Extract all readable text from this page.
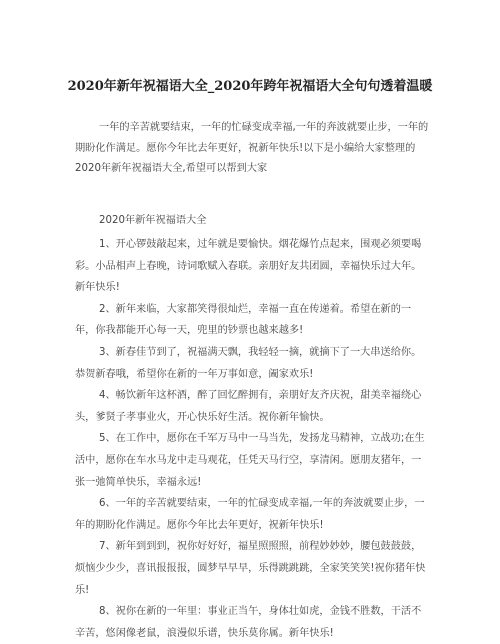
2020年新年祝福语大全_2020年跨年祝福语大全句句透着温暖
一年的辛苦就要结束，一年的忙碌变成幸福,一年的奔波就要止步，一年的期盼化作满足。愿你今年比去年更好，祝新年快乐!以下是小编给大家整理的2020年新年祝福语大全,希望可以帮到大家
2020年新年祝福语大全

1、开心锣鼓敲起来，过年就是要愉快。烟花爆竹点起来，围观必须要喝彩。小品相声上春晚，诗词歌赋入春联。亲朋好友共团圆，幸福快乐过大年。新年快乐!

2、新年来临，大家都笑得很灿烂，幸福一直在传递着。希望在新的一年，你我都能开心每一天，兜里的钞票也越来越多!

3、新春佳节到了，祝福满天飘，我轻轻一摘，就摘下了一大串送给你。恭贺新春哦，希望你在新的一年万事如意，阖家欢乐!

4、畅饮新年这杯酒，醉了回忆醉拥有，亲朋好友齐庆祝，甜美幸福绕心头，爹贤子孝事业火，开心快乐好生活。祝你新年愉快。

5、在工作中，愿你在千军万马中一马当先，发扬龙马精神，立战功;在生活中，愿你在车水马龙中走马观花，任凭天马行空，享清闲。愿朋友猪年，一张一弛简单快乐，幸福永远!

6、一年的辛苦就要结束，一年的忙碌变成幸福,一年的奔波就要止步，一年的期盼化作满足。愿你今年比去年更好，祝新年快乐!

7、新年到到到，祝你好好好，福星照照照，前程妙妙妙，腰包鼓鼓鼓，烦恼少少少，喜讯报报报，圆梦早早早，乐得跳跳跳，全家笑笑笑!祝你猪年快乐!

8、祝你在新的一年里：事业正当午，身体壮如虎，金钱不胜数，干活不辛苦，悠闲像老鼠，浪漫似乐谱，快乐莫你属。新年快乐!
